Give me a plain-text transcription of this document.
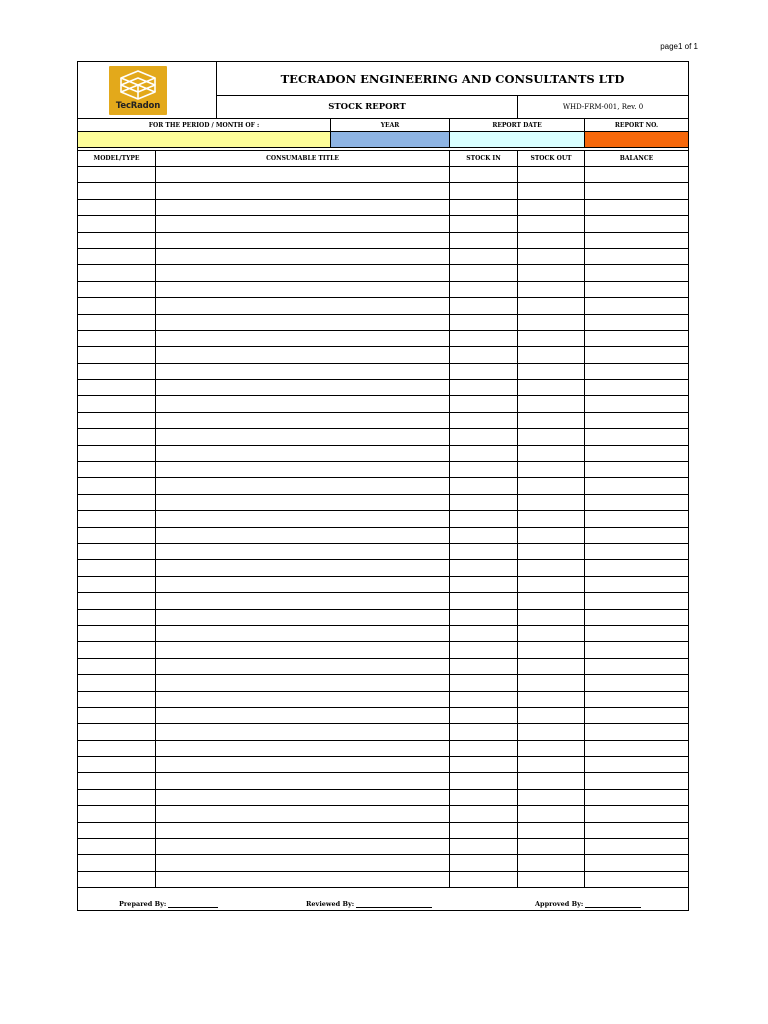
page1 of 1
TecRadon
TECRADON ENGINEERING AND CONSULTANTS LTD
STOCK REPORT	WHD-FRM-001, Rev. 0
FOR THE PERIOD / MONTH OF :	YEAR	REPORT DATE	REPORT NO.
MODEL/TYPE	CONSUMABLE TITLE	STOCK IN	STOCK OUT	BALANCE
Prepared By:	Reviewed By:	Approved By:
